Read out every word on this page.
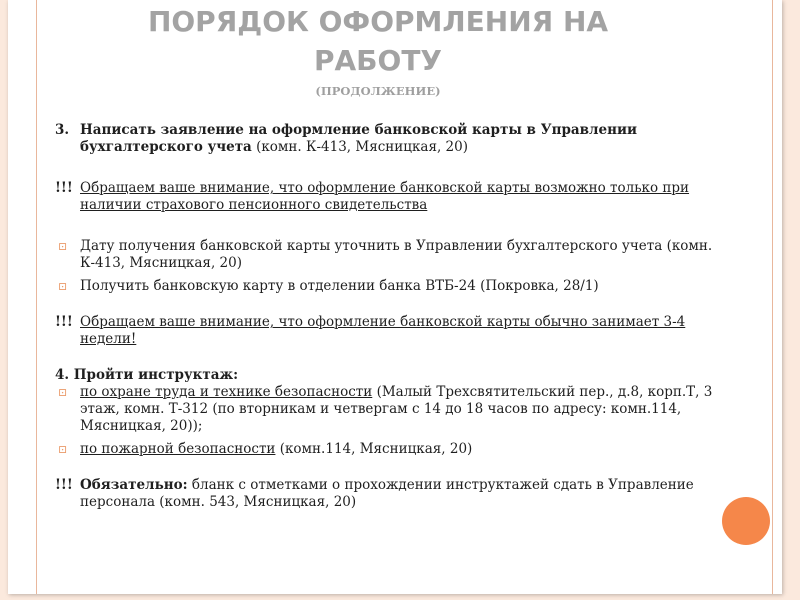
ПОРЯДОК ОФОРМЛЕНИЯ НА
РАБОТУ
(ПРОДОЛЖЕНИЕ)
3. Написать заявление на оформление банковской карты в Управлении бухгалтерского учета (комн. К-413, Мясницкая, 20)
!!! Обращаем ваше внимание, что оформление банковской карты возможно только при наличии страхового пенсионного свидетельства
⊡ Дату получения банковской карты уточнить в Управлении бухгалтерского учета (комн. К-413, Мясницкая, 20)
⊡ Получить банковскую карту в отделении банка ВТБ-24 (Покровка, 28/1)
!!! Обращаем ваше внимание, что оформление банковской карты обычно занимает 3-4 недели!
4. Пройти инструктаж:
⊡ по охране труда и технике безопасности (Малый Трехсвятительский пер., д.8, корп.Т, 3 этаж, комн. Т-312 (по вторникам и четвергам с 14 до 18 часов по адресу: комн.114, Мясницкая, 20));
⊡ по пожарной безопасности (комн.114, Мясницкая, 20)
!!! Обязательно: бланк с отметками о прохождении инструктажей сдать в Управление персонала (комн. 543, Мясницкая, 20)
